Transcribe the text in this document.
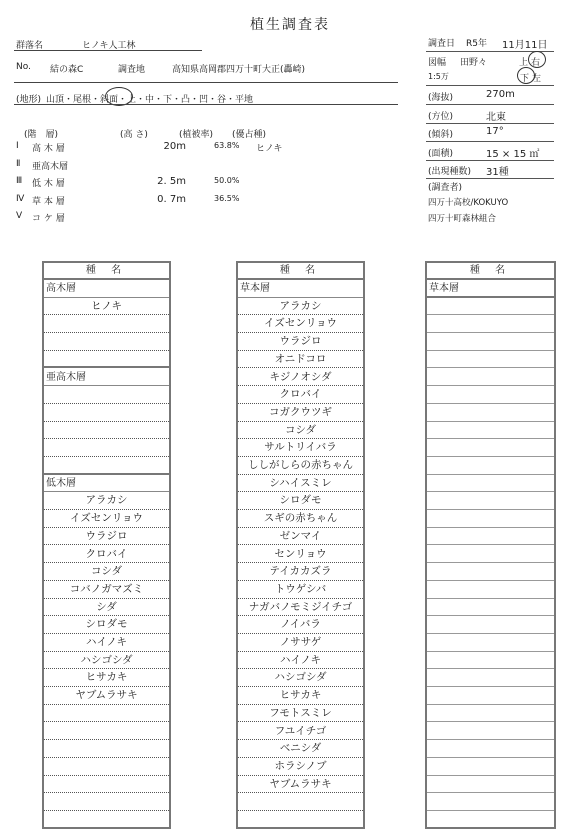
植生調査表
群落名	ヒノキ人工林
No. 結の森C	調査地	高知県高岡郡四万十町大正(轟崎)
(地形) 山頂・尾根・斜面・上・中・下・凸・凹・谷・平地
(階　層)	(高 さ)	(植被率) (優占種)
Ⅰ 高 木 層	20m	63.8% ヒノキ
Ⅱ 亜高木層
Ⅲ 低 木 層	2. 5m	50.0%
Ⅳ 草 本 層	0. 7m	36.5%
Ⅴ コ ケ 層
調査日 R5年 11月11日
図幅 田野々	上右
1:5万	下左
(海抜)	270m
(方位)	北東
(傾斜)	17°
(面積)	15 × 15 ㎡
(出現種数) 31種
(調査者)
四万十高校/KOKUYO
四万十町森林組合
種 名
高木層
ヒノキ
亜高木層
低木層
アラカシ
イズセンリョウ
ウラジロ
クロバイ
コシダ
コバノガマズミ
シダ
シロダモ
ハイノキ
ハシゴシダ
ヒサカキ
ヤブムラサキ
種 名
草本層
アラカシ
イズセンリョウ
ウラジロ
オニドコロ
キジノオシダ
クロバイ
コガクウツギ
コシダ
サルトリイバラ
ししがしらの赤ちゃん
シハイスミレ
シロダモ
スギの赤ちゃん
ゼンマイ
センリョウ
テイカカズラ
トウゲシバ
ナガバノモミジイチゴ
ノイバラ
ノササゲ
ハイノキ
ハシゴシダ
ヒサカキ
フモトスミレ
フユイチゴ
ベニシダ
ホラシノブ
ヤブムラサキ
種 名
草本層
